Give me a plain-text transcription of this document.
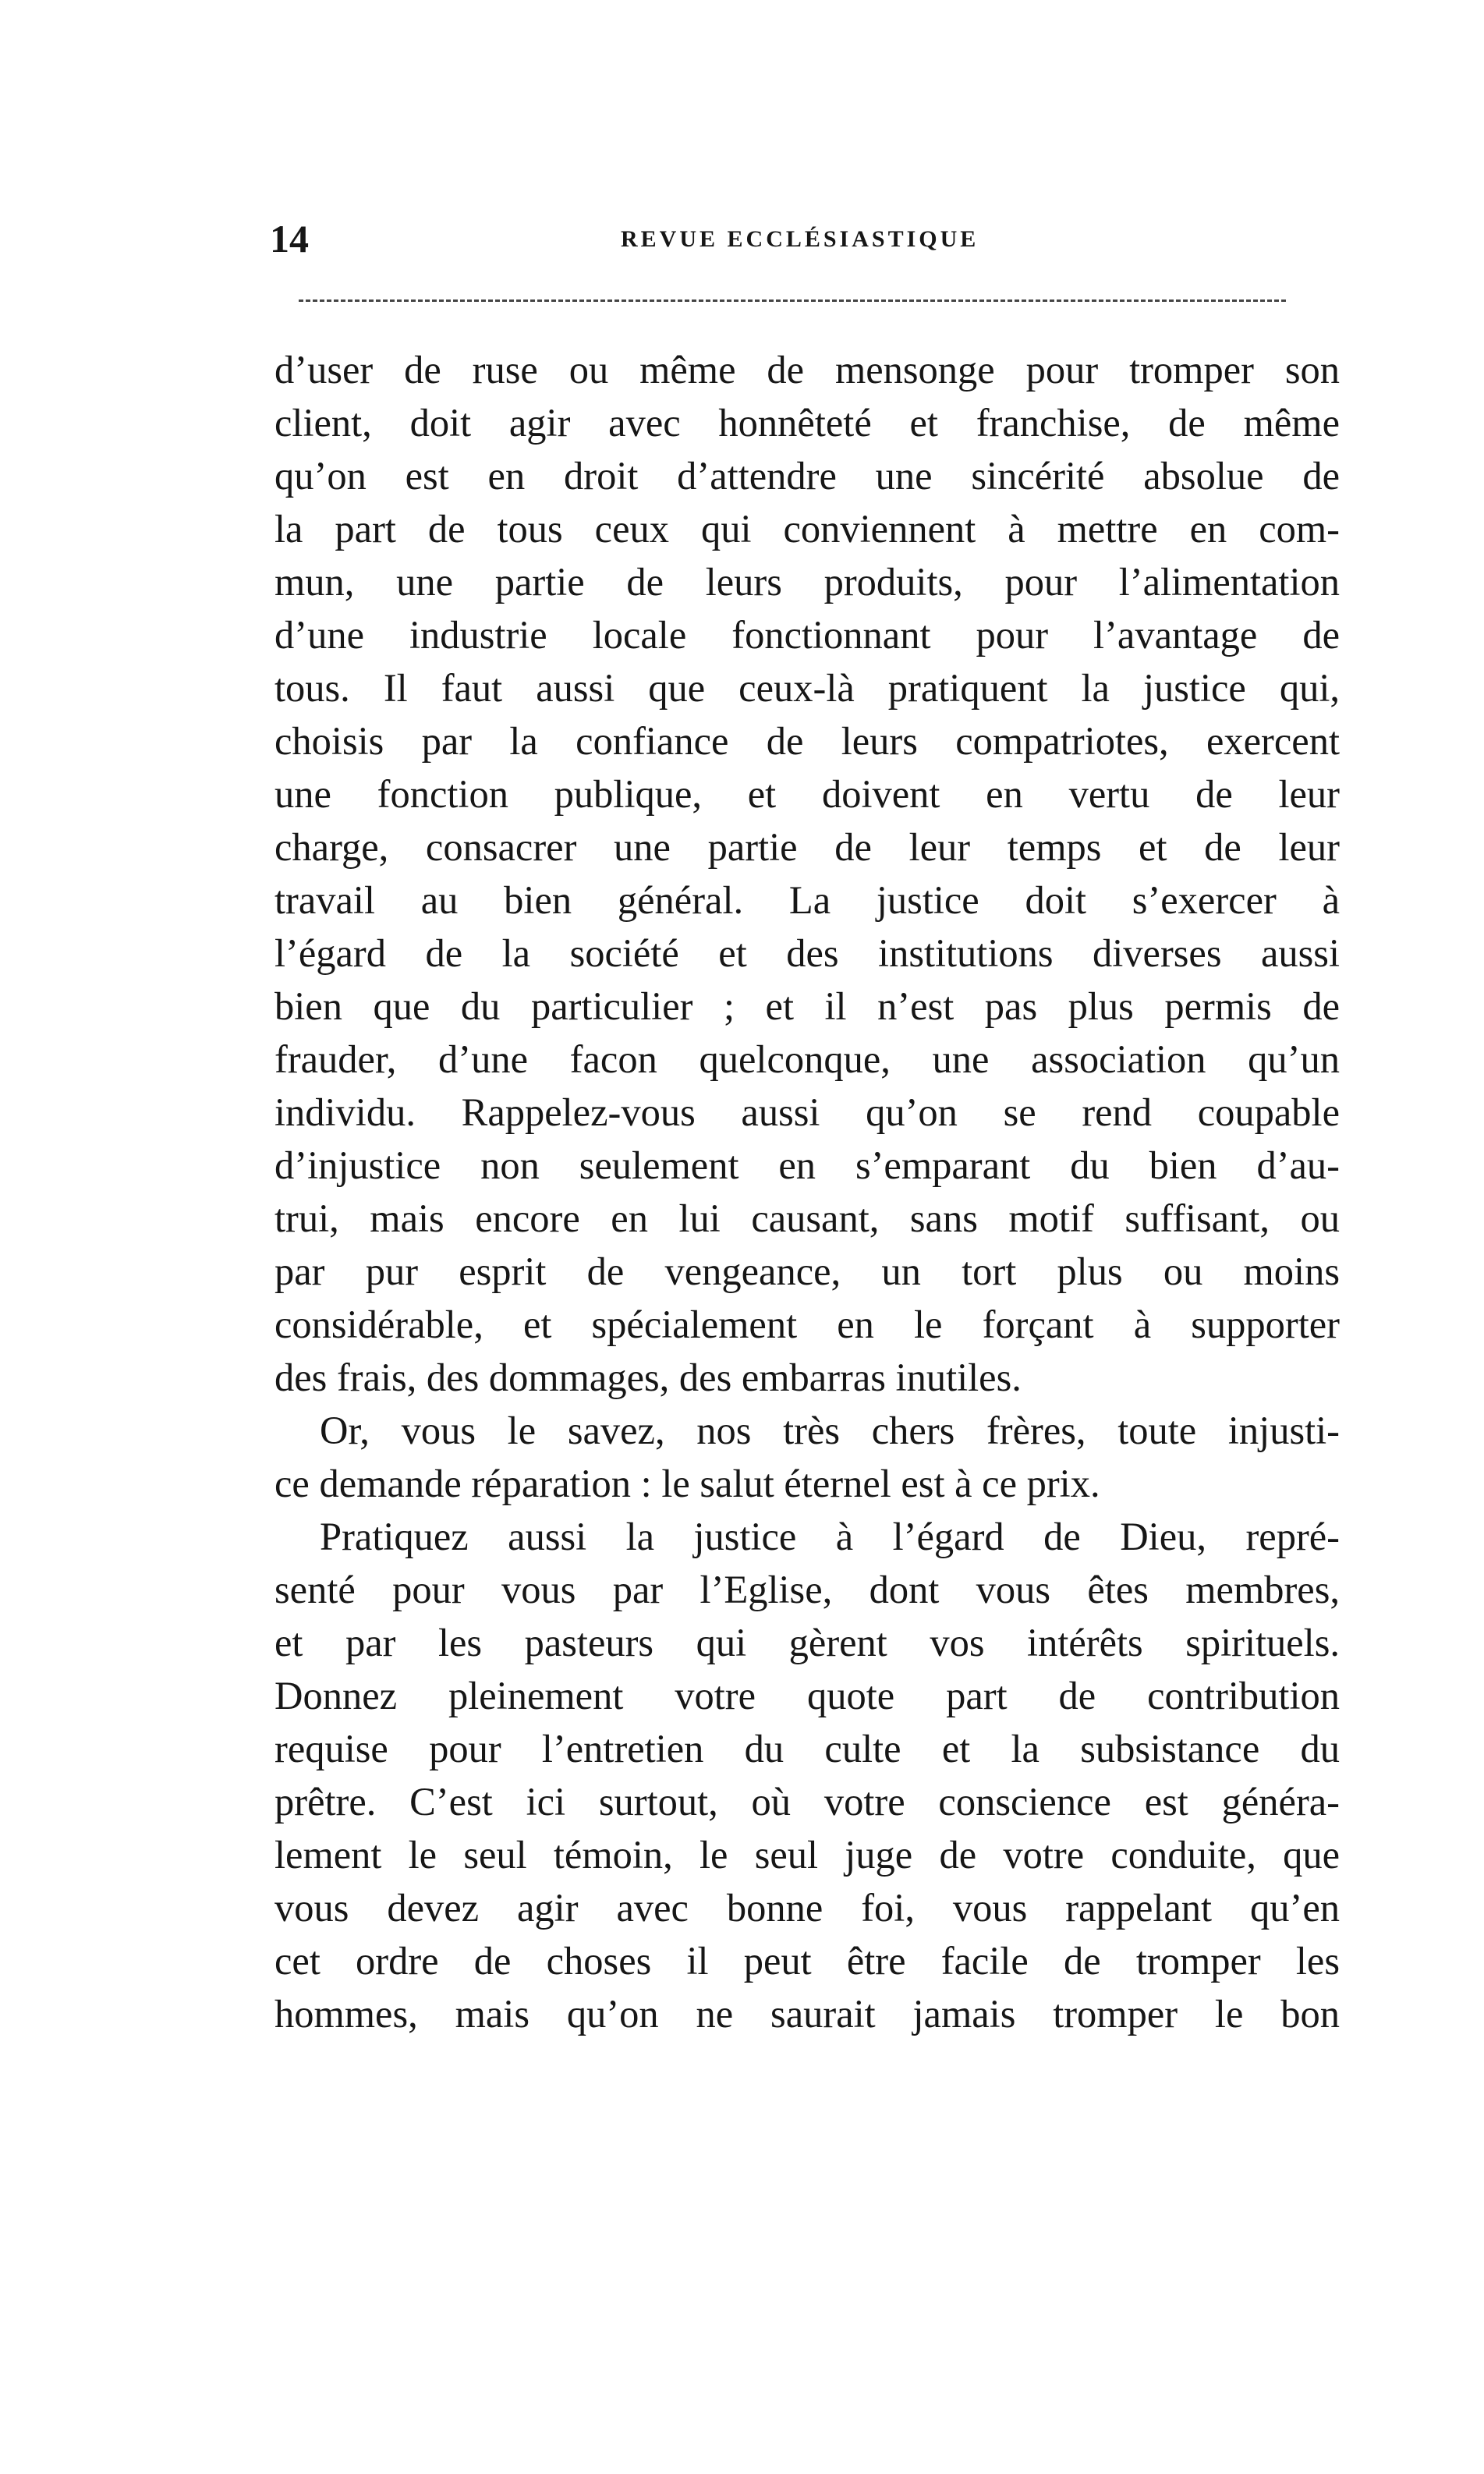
14	REVUE ECCLÉSIASTIQUE
d’user de ruse ou même de mensonge pour tromper son
client, doit agir avec honnêteté et franchise, de même
qu’on est en droit d’attendre une sincérité absolue de
la part de tous ceux qui conviennent à mettre en com-
mun, une partie de leurs produits, pour l’alimentation
d’une industrie locale fonctionnant pour l’avantage de
tous. Il faut aussi que ceux-là pratiquent la justice qui,
choisis par la confiance de leurs compatriotes, exercent
une fonction publique, et doivent en vertu de leur
charge, consacrer une partie de leur temps et de leur
travail au bien général. La justice doit s’exercer à
l’égard de la société et des institutions diverses aussi
bien que du particulier ; et il n’est pas plus permis de
frauder, d’une facon quelconque, une association qu’un
individu. Rappelez-vous aussi qu’on se rend coupable
d’injustice non seulement en s’emparant du bien d’au-
trui, mais encore en lui causant, sans motif suffisant, ou
par pur esprit de vengeance, un tort plus ou moins
considérable, et spécialement en le forçant à supporter
des frais, des dommages, des embarras inutiles.
Or, vous le savez, nos très chers frères, toute injusti-
ce demande réparation : le salut éternel est à ce prix.
Pratiquez aussi la justice à l’égard de Dieu, repré-
senté pour vous par l’Eglise, dont vous êtes membres,
et par les pasteurs qui gèrent vos intérêts spirituels.
Donnez pleinement votre quote part de contribution
requise pour l’entretien du culte et la subsistance du
prêtre. C’est ici surtout, où votre conscience est généra-
lement le seul témoin, le seul juge de votre conduite, que
vous devez agir avec bonne foi, vous rappelant qu’en
cet ordre de choses il peut être facile de tromper les
hommes, mais qu’on ne saurait jamais tromper le bon
